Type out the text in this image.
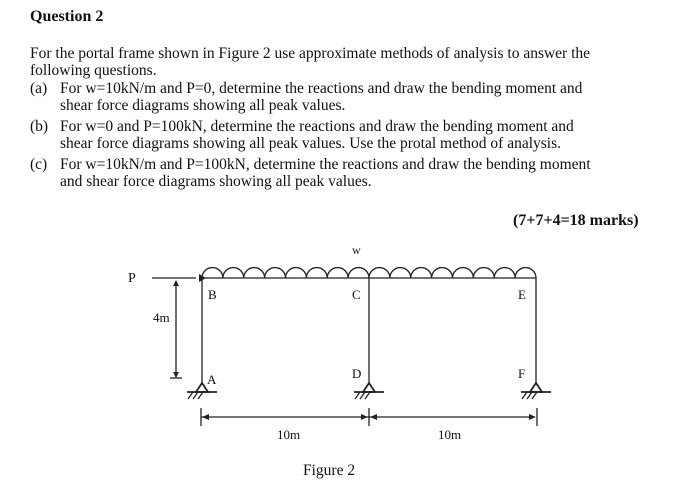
Question 2
For the portal frame shown in Figure 2 use approximate methods of analysis to answer the
following questions.
(a) For w=10kN/m and P=0, determine the reactions and draw the bending moment and
shear force diagrams showing all peak values.
(b) For w=0 and P=100kN, determine the reactions and draw the bending moment and
shear force diagrams showing all peak values. Use the protal method of analysis.
(c) For w=10kN/m and P=100kN, determine the reactions and draw the bending moment
and shear force diagrams showing all peak values.
(7+7+4=18 marks)
w
P
B	C	E
A	D	F
4m
10m	10m
Figure 2
